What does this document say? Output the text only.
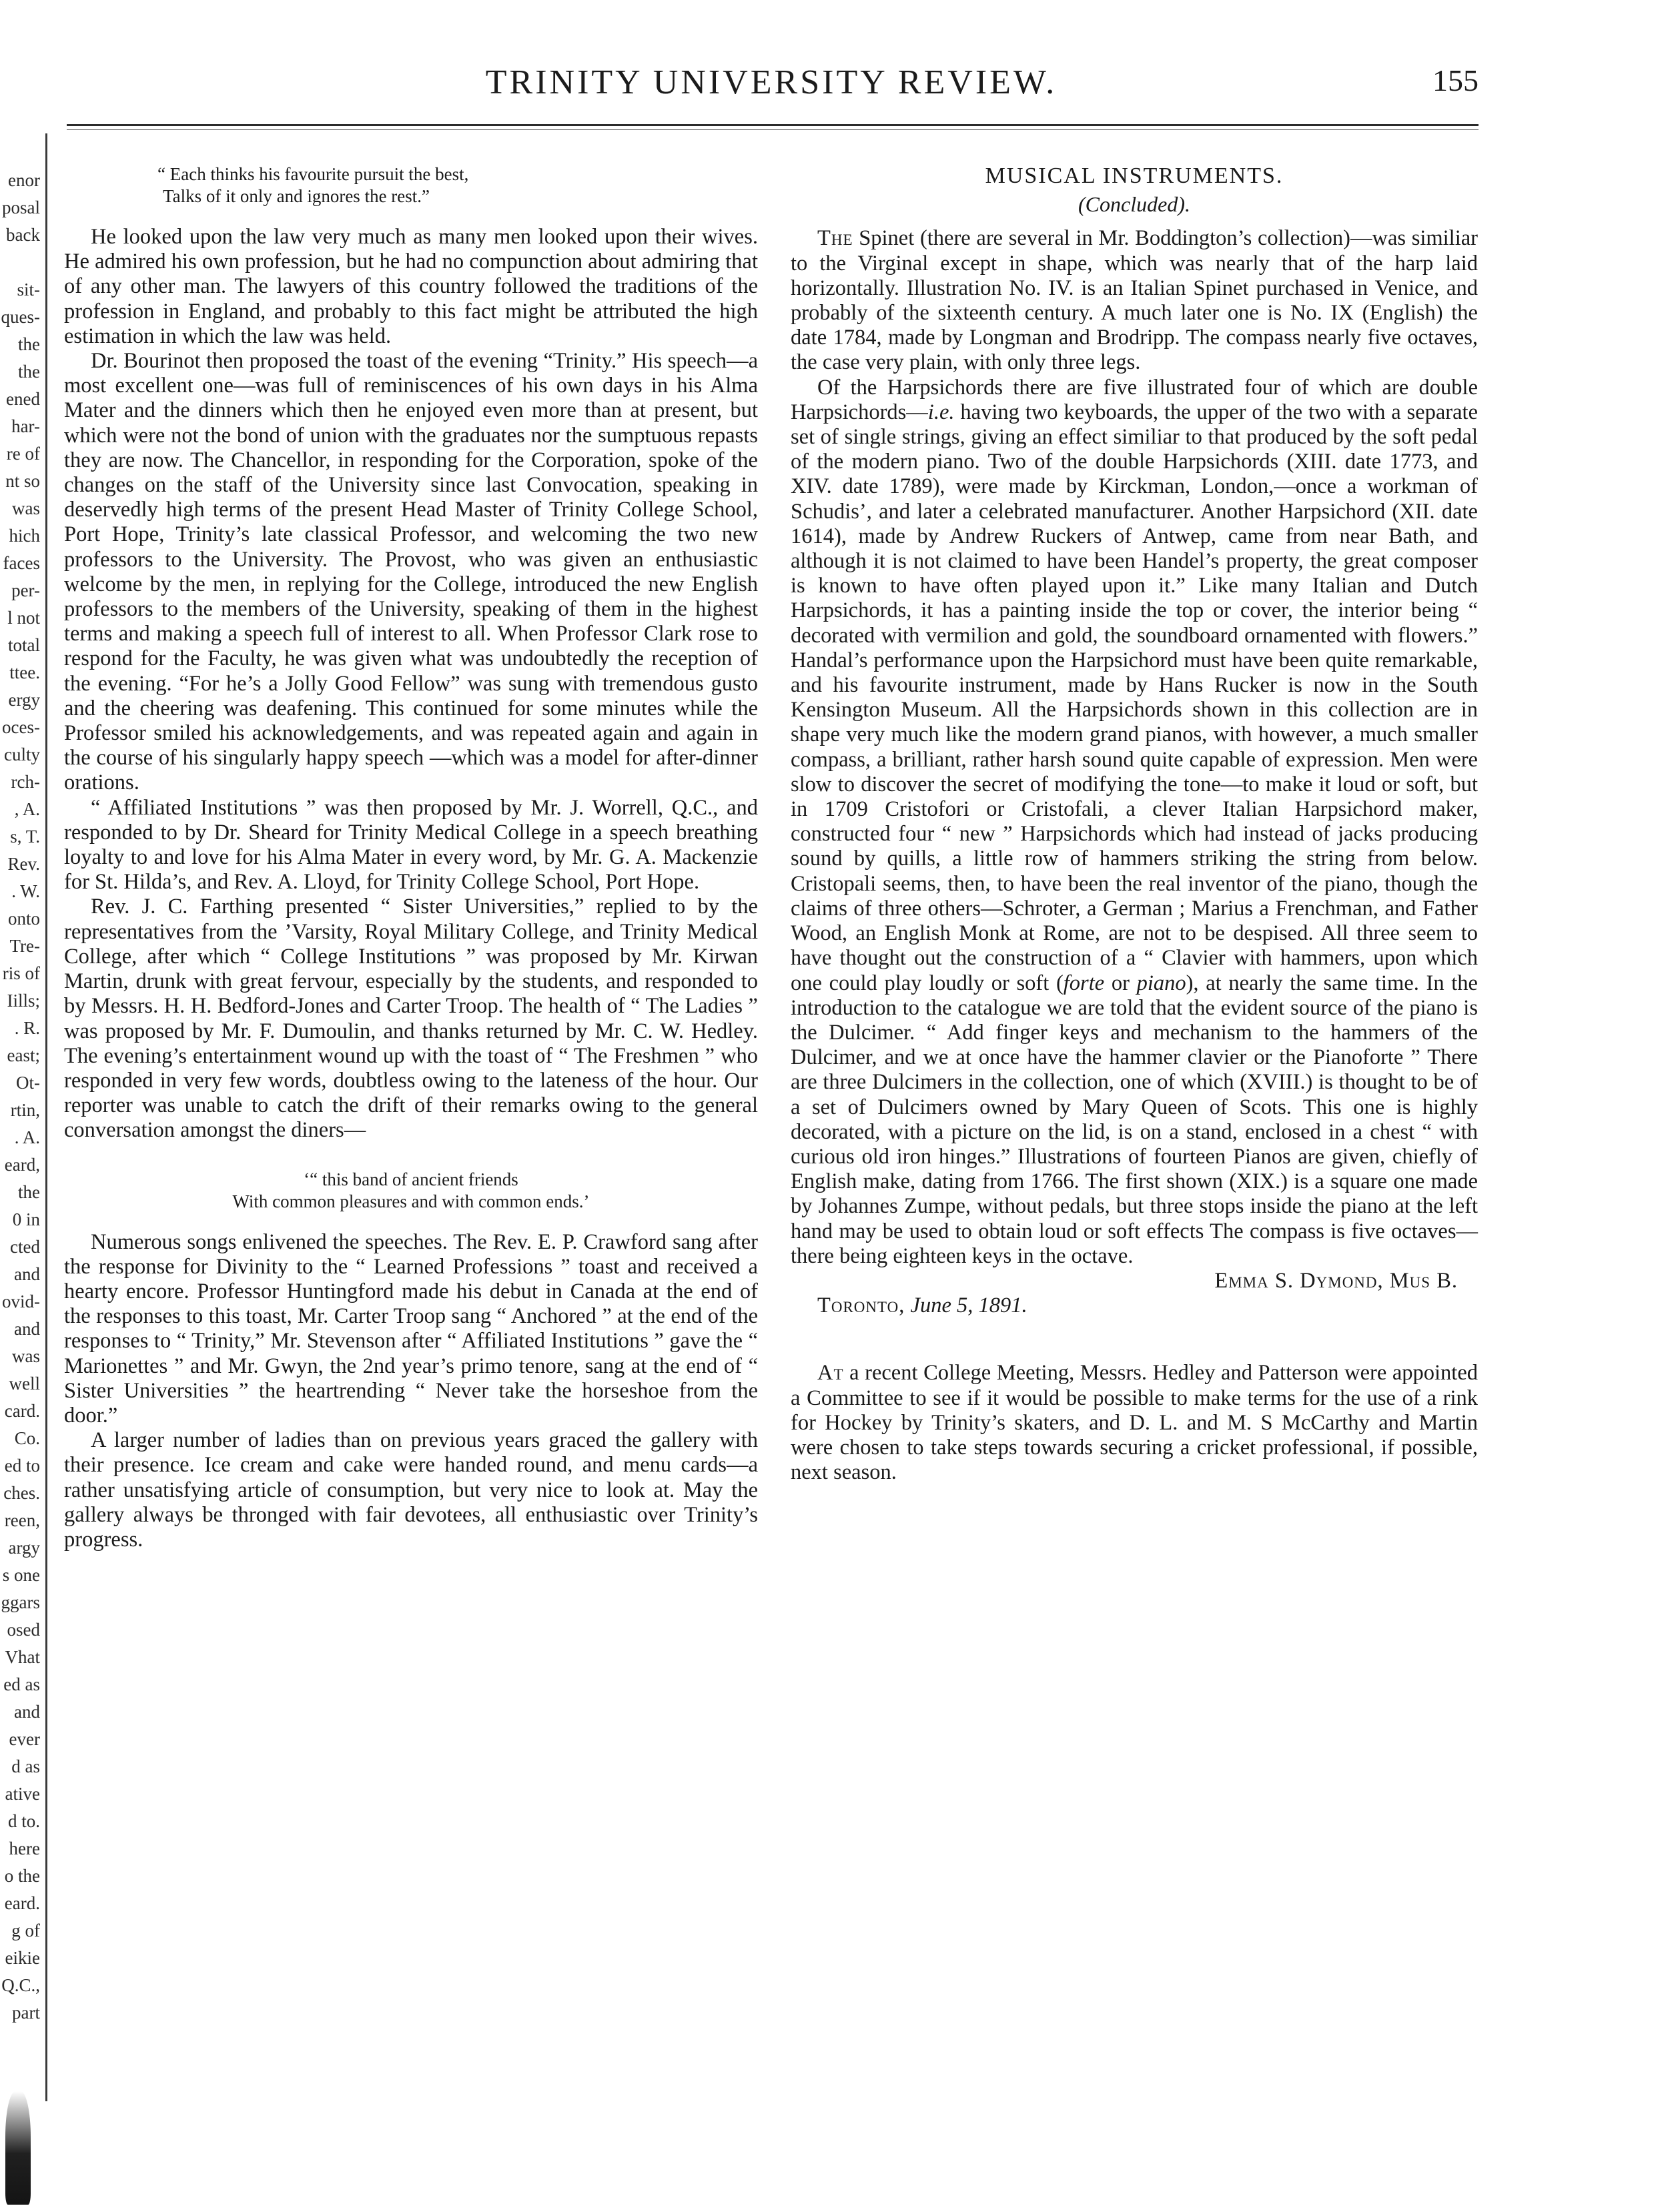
enor
posal
back
sit-
ques-
the
the
ened
har-
re of
nt so
was
hich
faces
per-
l not
total
ttee.
ergy
oces-
culty
rch-
, A.
s, T.
Rev.
. W.
onto
Tre-
ris of
Iills;
. R.
east;
Ot-
rtin,
. A.
eard,
the
0 in
cted
and
ovid-
and
was
well
card.
Co.
ed to
ches.
reen,
argy
s one
ggars
osed
Vhat
ed as
and
ever
d as
ative
d to.
here
o the
eard.
g of
eikie
Q.C.,
part
TRINITY UNIVERSITY REVIEW.	155
“ Each thinks his favourite pursuit the best,
Talks of it only and ignores the rest.”

He looked upon the law very much as many men looked upon their wives. He admired his own profession, but he had no compunction about admiring that of any other man. The lawyers of this country followed the traditions of the profession in England, and probably to this fact might be attributed the high estimation in which the law was held.

Dr. Bourinot then proposed the toast of the evening “Trinity.” His speech—a most excellent one—was full of reminiscences of his own days in his Alma Mater and the dinners which then he enjoyed even more than at present, but which were not the bond of union with the graduates nor the sumptuous repasts they are now. The Chancellor, in responding for the Corporation, spoke of the changes on the staff of the University since last Convocation, speaking in deservedly high terms of the present Head Master of Trinity College School, Port Hope, Trinity’s late classical Professor, and welcoming the two new professors to the University. The Provost, who was given an enthusiastic welcome by the men, in replying for the College, introduced the new English professors to the members of the University, speaking of them in the highest terms and making a speech full of interest to all. When Professor Clark rose to respond for the Faculty, he was given what was undoubtedly the reception of the evening. “For he’s a Jolly Good Fellow” was sung with tremendous gusto and the cheering was deafening. This continued for some minutes while the Professor smiled his acknowledgements, and was repeated again and again in the course of his singularly happy speech —which was a model for after-dinner orations.

“ Affiliated Institutions ” was then proposed by Mr. J. Worrell, Q.C., and responded to by Dr. Sheard for Trinity Medical College in a speech breathing loyalty to and love for his Alma Mater in every word, by Mr. G. A. Mackenzie for St. Hilda’s, and Rev. A. Lloyd, for Trinity College School, Port Hope.

Rev. J. C. Farthing presented “ Sister Universities,” replied to by the representatives from the ’Varsity, Royal Military College, and Trinity Medical College, after which “ College Institutions ” was proposed by Mr. Kirwan Martin, drunk with great fervour, especially by the students, and responded to by Messrs. H. H. Bedford-Jones and Carter Troop. The health of “ The Ladies ” was proposed by Mr. F. Dumoulin, and thanks returned by Mr. C. W. Hedley. The evening’s entertainment wound up with the toast of “ The Freshmen ” who responded in very few words, doubtless owing to the lateness of the hour. Our reporter was unable to catch the drift of their remarks owing to the general conversation amongst the diners—

‘“ this band of ancient friends
With common pleasures and with common ends.’

Numerous songs enlivened the speeches. The Rev. E. P. Crawford sang after the response for Divinity to the “ Learned Professions ” toast and received a hearty encore. Professor Huntingford made his debut in Canada at the end of the responses to this toast, Mr. Carter Troop sang “ Anchored ” at the end of the responses to “ Trinity,” Mr. Stevenson after “ Affiliated Institutions ” gave the “ Marionettes ” and Mr. Gwyn, the 2nd year’s primo tenore, sang at the end of “ Sister Universities ” the heartrending “ Never take the horseshoe from the door.”

A larger number of ladies than on previous years graced the gallery with their presence. Ice cream and cake were handed round, and menu cards—a rather unsatisfying article of consumption, but very nice to look at. May the gallery always be thronged with fair devotees, all enthusiastic over Trinity’s progress.

MUSICAL INSTRUMENTS.
(Concluded).

The Spinet (there are several in Mr. Boddington’s collection)—was similiar to the Virginal except in shape, which was nearly that of the harp laid horizontally. Illustration No. IV. is an Italian Spinet purchased in Venice, and probably of the sixteenth century. A much later one is No. IX (English) the date 1784, made by Longman and Brodripp. The compass nearly five octaves, the case very plain, with only three legs.

Of the Harpsichords there are five illustrated four of which are double Harpsichords—i.e. having two keyboards, the upper of the two with a separate set of single strings, giving an effect similiar to that produced by the soft pedal of the modern piano. Two of the double Harpsichords (XIII. date 1773, and XIV. date 1789), were made by Kirckman, London,—once a workman of Schudis’, and later a celebrated manufacturer. Another Harpsichord (XII. date 1614), made by Andrew Ruckers of Antwep, came from near Bath, and although it is not claimed to have been Handel’s property, the great composer is known to have often played upon it.” Like many Italian and Dutch Harpsichords, it has a painting inside the top or cover, the interior being “ decorated with vermilion and gold, the soundboard ornamented with flowers.” Handal’s performance upon the Harpsichord must have been quite remarkable, and his favourite instrument, made by Hans Rucker is now in the South Kensington Museum. All the Harpsichords shown in this collection are in shape very much like the modern grand pianos, with however, a much smaller compass, a brilliant, rather harsh sound quite capable of expression. Men were slow to discover the secret of modifying the tone—to make it loud or soft, but in 1709 Cristofori or Cristofali, a clever Italian Harpsichord maker, constructed four “ new ” Harpsichords which had instead of jacks producing sound by quills, a little row of hammers striking the string from below. Cristopali seems, then, to have been the real inventor of the piano, though the claims of three others—Schroter, a German ; Marius a Frenchman, and Father Wood, an English Monk at Rome, are not to be despised. All three seem to have thought out the construction of a “ Clavier with hammers, upon which one could play loudly or soft (forte or piano), at nearly the same time. In the introduction to the catalogue we are told that the evident source of the piano is the Dulcimer. “ Add finger keys and mechanism to the hammers of the Dulcimer, and we at once have the hammer clavier or the Pianoforte ” There are three Dulcimers in the collection, one of which (XVIII.) is thought to be of a set of Dulcimers owned by Mary Queen of Scots. This one is highly decorated, with a picture on the lid, is on a stand, enclosed in a chest “ with curious old iron hinges.” Illustrations of fourteen Pianos are given, chiefly of English make, dating from 1766. The first shown (XIX.) is a square one made by Johannes Zumpe, without pedals, but three stops inside the piano at the left hand may be used to obtain loud or soft effects The compass is five octaves—there being eighteen keys in the octave.

Emma S. Dymond, Mus B.

Toronto, June 5, 1891.

At a recent College Meeting, Messrs. Hedley and Patterson were appointed a Committee to see if it would be possible to make terms for the use of a rink for Hockey by Trinity’s skaters, and D. L. and M. S McCarthy and Martin were chosen to take steps towards securing a cricket professional, if possible, next season.
